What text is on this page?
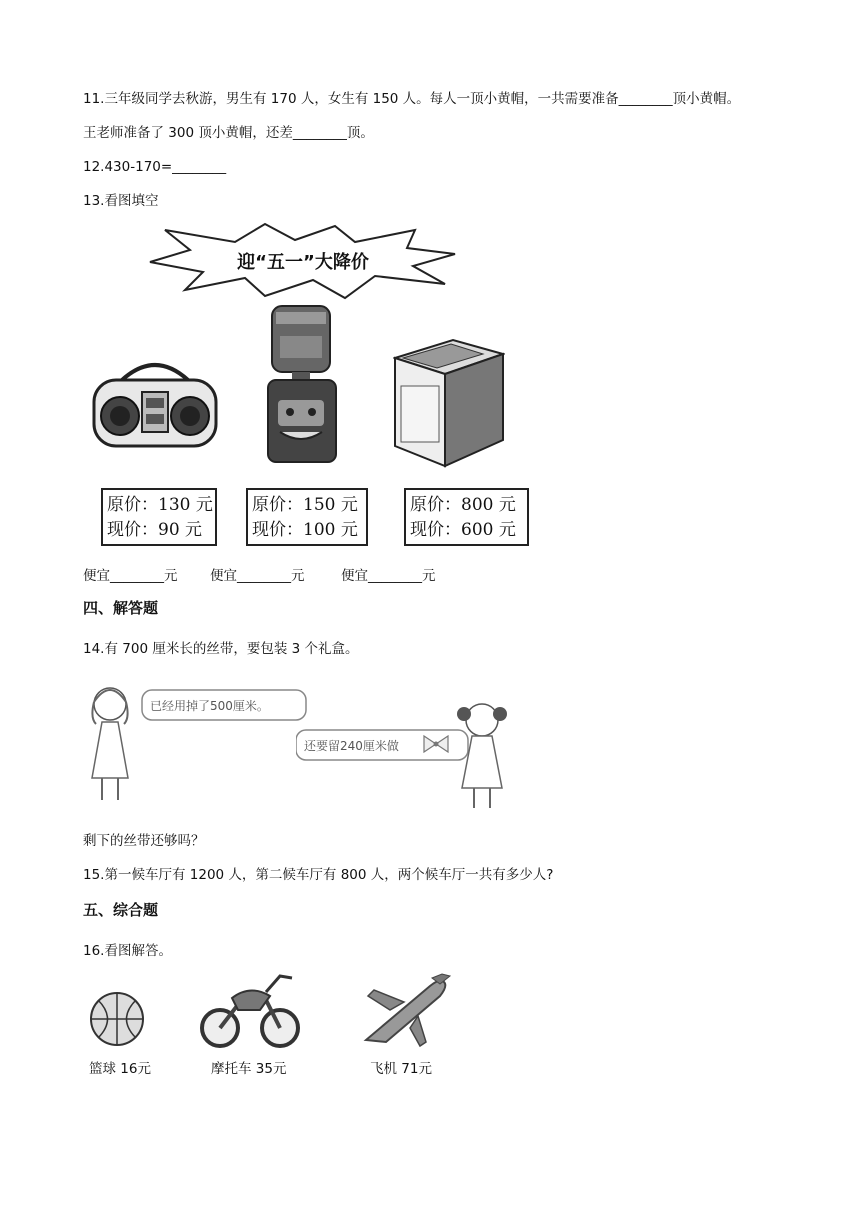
11.三年级同学去秋游，男生有 170 人，女生有 150 人。每人一顶小黄帽，一共需要准备________顶小黄帽。
王老师准备了 300 顶小黄帽，还差________顶。
12.430-170=________
13.看图填空
迎“五一”大降价
原价：130 元
现价：90 元
原价：150 元
现价：100 元
原价：800 元
现价：600 元
便宜________元 便宜________元	便宜________元
四、解答题
14.有 700 厘米长的丝带，要包装 3 个礼盒。
已经用掉了500厘米。
还要留240厘米做
剩下的丝带还够吗？
15.第一候车厅有 1200 人，第二候车厅有 800 人，两个候车厅一共有多少人?
五、综合题
16.看图解答。
篮球 16元	摩托车 35元	飞机 71元
